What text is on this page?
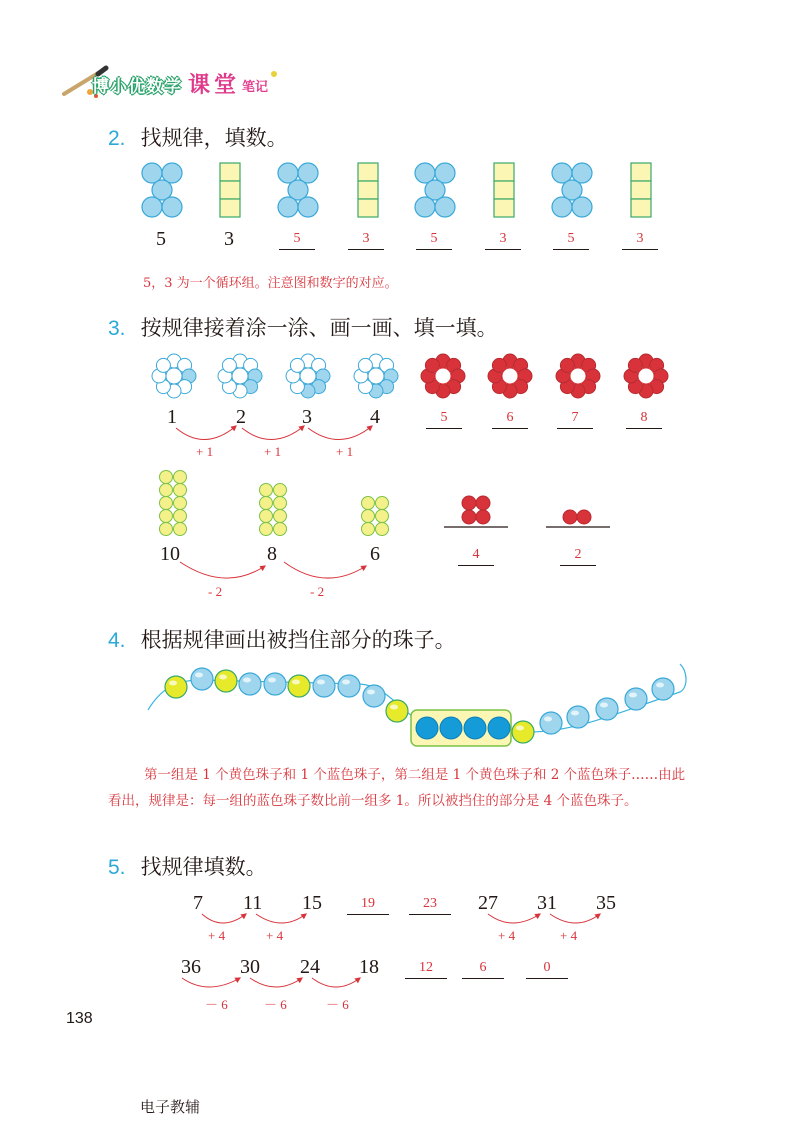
博小优数学 课 堂 笔记
2. 找规律，填数。
5	3	5	3	5	3	5	3
5，3 为一个循环组。注意图和数字的对应。
3. 按规律接着涂一涂、画一画、填一填。
1	2	3	4	5	6	7	8
+ 1	+ 1	+ 1
10	8	6	4	2
- 2	- 2
4. 根据规律画出被挡住部分的珠子。
第一组是 1 个黄色珠子和 1 个蓝色珠子，第二组是 1 个黄色珠子和 2 个蓝色珠子……由此看出，规律是：每一组的蓝色珠子数比前一组多 1。所以被挡住的部分是 4 个蓝色珠子。
5. 找规律填数。
7 11 15	19	23	27 31 35
+ 4	+ 4	+ 4	+ 4
36 30 24 18	12	6	0
－ 6	－ 6	－ 6
138
电子教辅
